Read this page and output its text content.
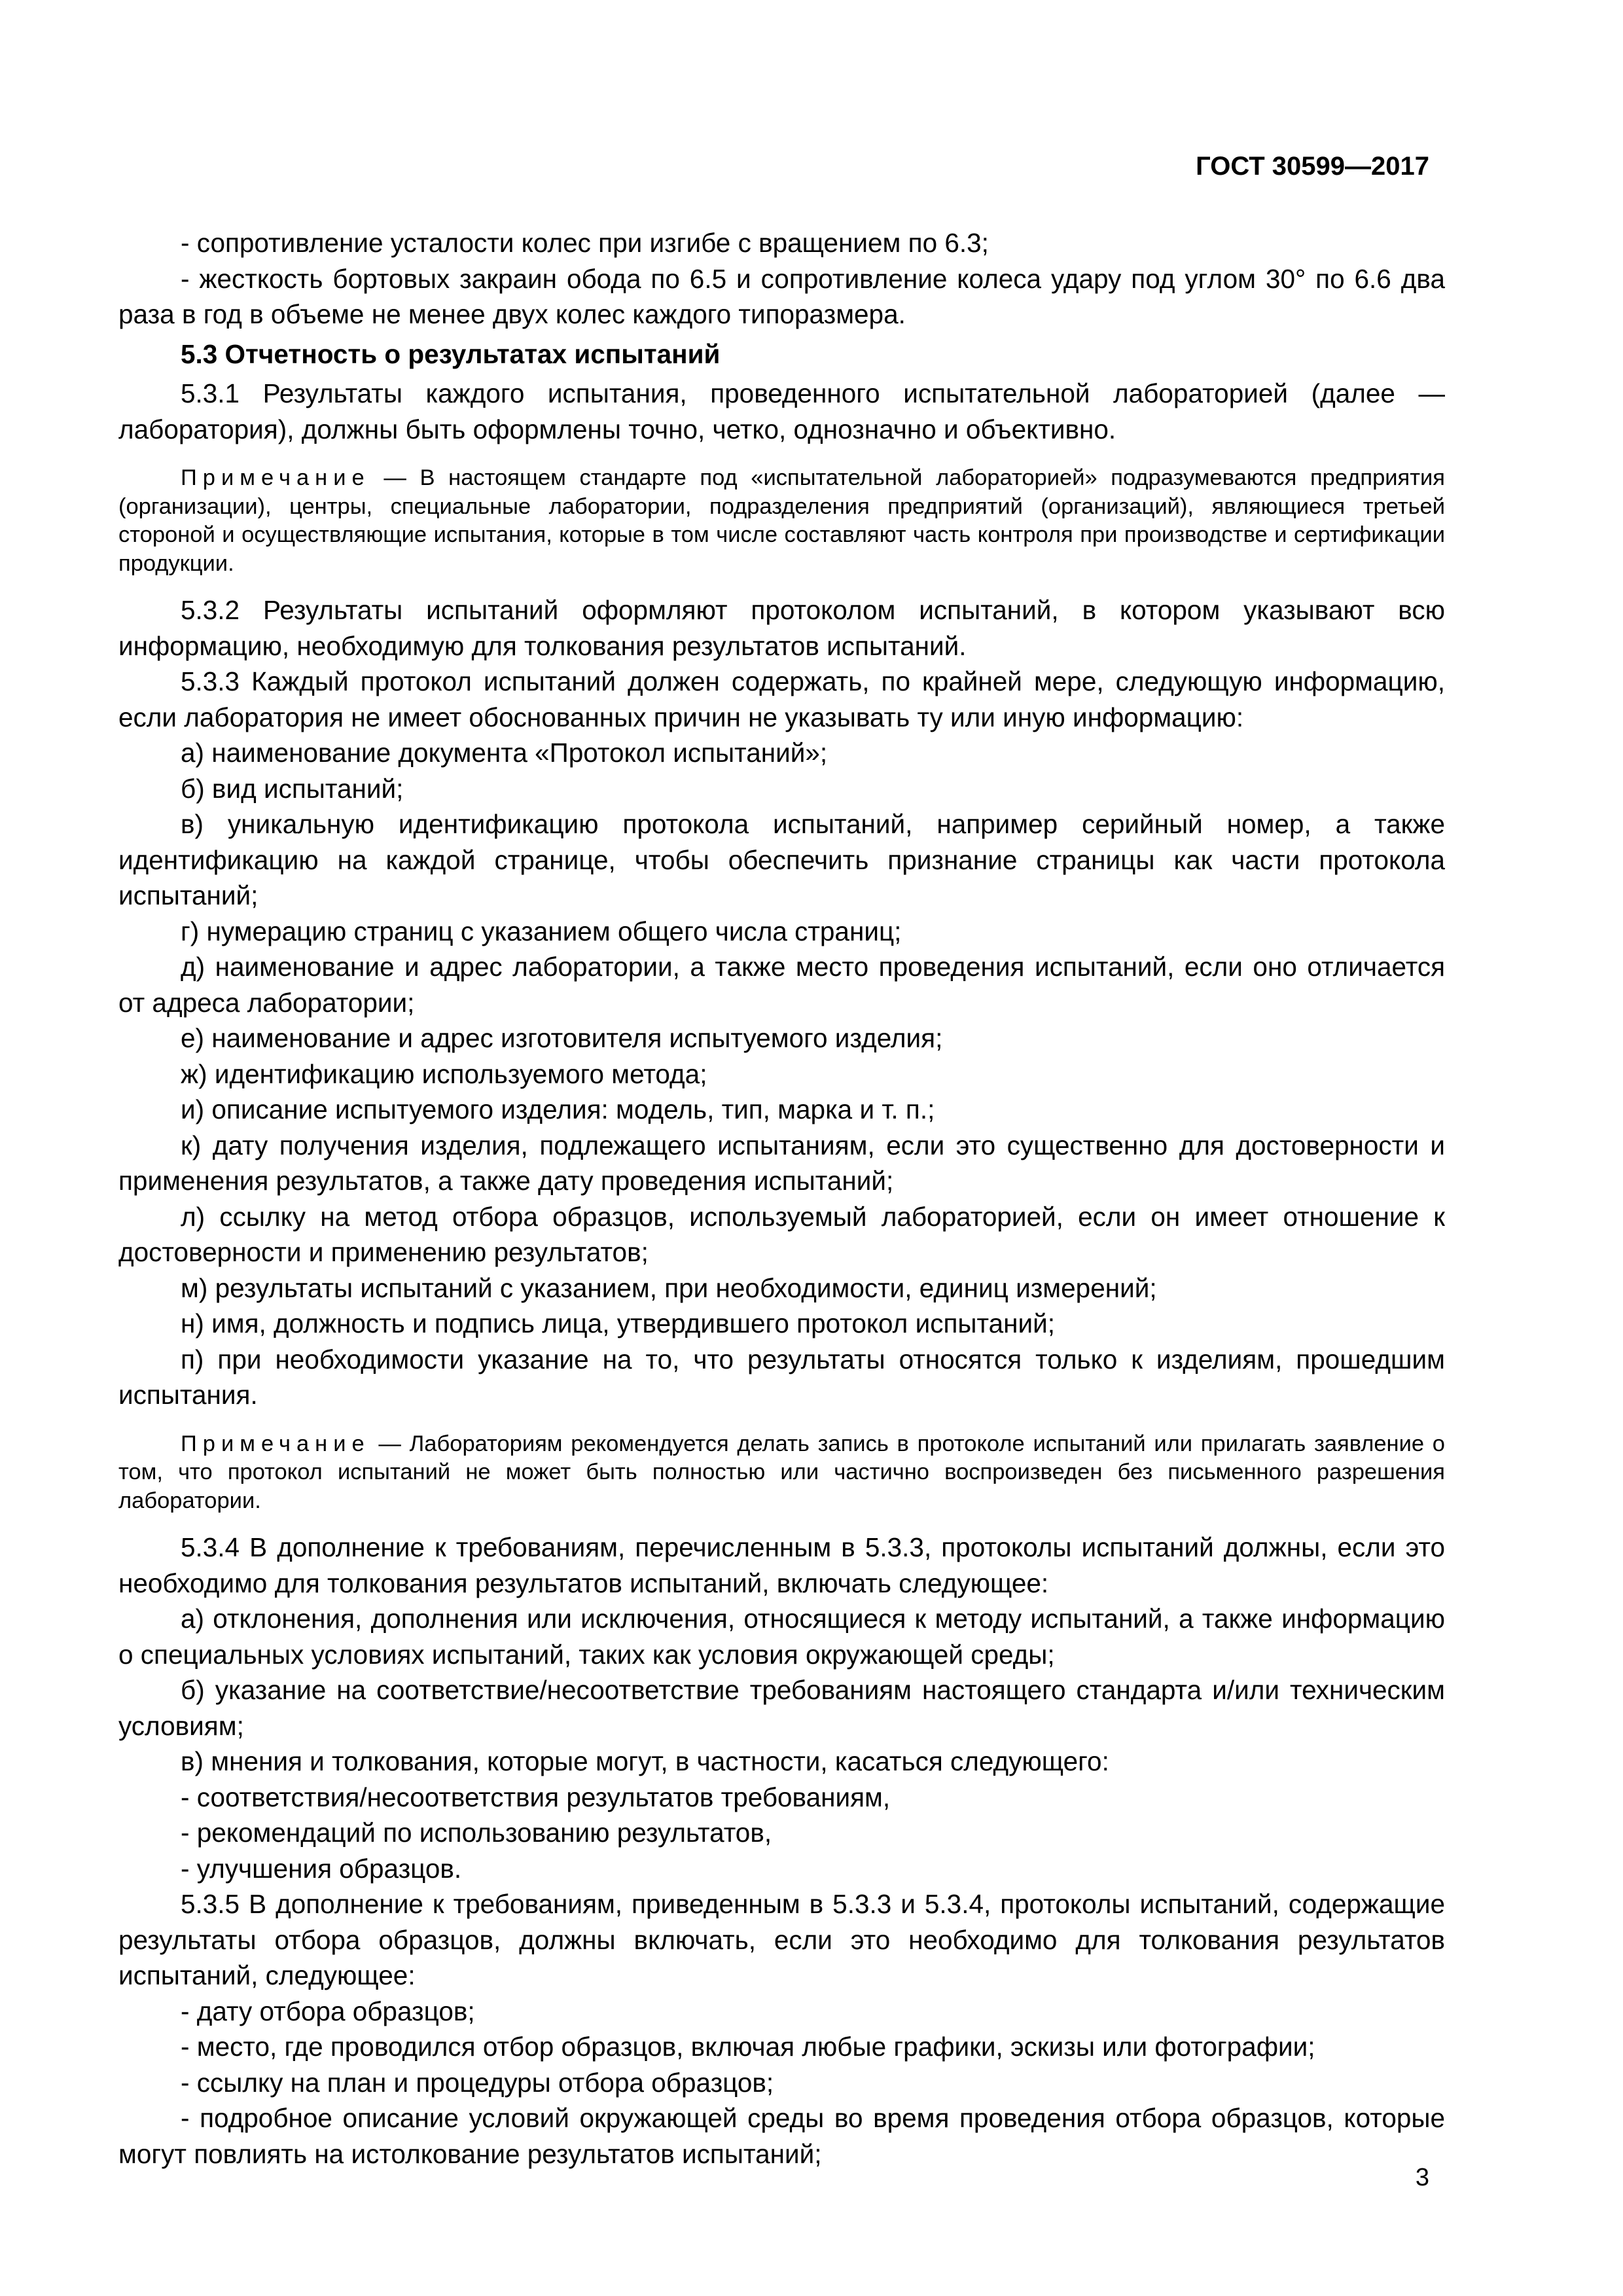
ГОСТ 30599—2017

- сопротивление усталости колес при изгибе с вращением по 6.3;

- жесткость бортовых закраин обода по 6.5 и сопротивление колеса удару под углом 30° по 6.6 два раза в год в объеме не менее двух колес каждого типоразмера.

5.3 Отчетность о результатах испытаний

5.3.1 Результаты каждого испытания, проведенного испытательной лабораторией (далее — лаборатория), должны быть оформлены точно, четко, однозначно и объективно.

Примечание — В настоящем стандарте под «испытательной лабораторией» подразумеваются предприятия (организации), центры, специальные лаборатории, подразделения предприятий (организаций), являющиеся третьей стороной и осуществляющие испытания, которые в том числе составляют часть контроля при производстве и сертификации продукции.

5.3.2 Результаты испытаний оформляют протоколом испытаний, в котором указывают всю информацию, необходимую для толкования результатов испытаний.

5.3.3 Каждый протокол испытаний должен содержать, по крайней мере, следующую информацию, если лаборатория не имеет обоснованных причин не указывать ту или иную информацию:

а) наименование документа «Протокол испытаний»;

б) вид испытаний;

в) уникальную идентификацию протокола испытаний, например серийный номер, а также идентификацию на каждой странице, чтобы обеспечить признание страницы как части протокола испытаний;

г) нумерацию страниц с указанием общего числа страниц;

д) наименование и адрес лаборатории, а также место проведения испытаний, если оно отличается от адреса лаборатории;

е) наименование и адрес изготовителя испытуемого изделия;

ж) идентификацию используемого метода;

и) описание испытуемого изделия: модель, тип, марка и т. п.;

к) дату получения изделия, подлежащего испытаниям, если это существенно для достоверности и применения результатов, а также дату проведения испытаний;

л) ссылку на метод отбора образцов, используемый лабораторией, если он имеет отношение к достоверности и применению результатов;

м) результаты испытаний с указанием, при необходимости, единиц измерений;

н) имя, должность и подпись лица, утвердившего протокол испытаний;

п) при необходимости указание на то, что результаты относятся только к изделиям, прошедшим испытания.

Примечание — Лабораториям рекомендуется делать запись в протоколе испытаний или прилагать заявление о том, что протокол испытаний не может быть полностью или частично воспроизведен без письменного разрешения лаборатории.

5.3.4 В дополнение к требованиям, перечисленным в 5.3.3, протоколы испытаний должны, если это необходимо для толкования результатов испытаний, включать следующее:

а) отклонения, дополнения или исключения, относящиеся к методу испытаний, а также информацию о специальных условиях испытаний, таких как условия окружающей среды;

б) указание на соответствие/несоответствие требованиям настоящего стандарта и/или техническим условиям;

в) мнения и толкования, которые могут, в частности, касаться следующего:

- соответствия/несоответствия результатов требованиям,

- рекомендаций по использованию результатов,

- улучшения образцов.

5.3.5 В дополнение к требованиям, приведенным в 5.3.3 и 5.3.4, протоколы испытаний, содержащие результаты отбора образцов, должны включать, если это необходимо для толкования результатов испытаний, следующее:

- дату отбора образцов;

- место, где проводился отбор образцов, включая любые графики, эскизы или фотографии;

- ссылку на план и процедуры отбора образцов;

- подробное описание условий окружающей среды во время проведения отбора образцов, которые могут повлиять на истолкование результатов испытаний;

3
